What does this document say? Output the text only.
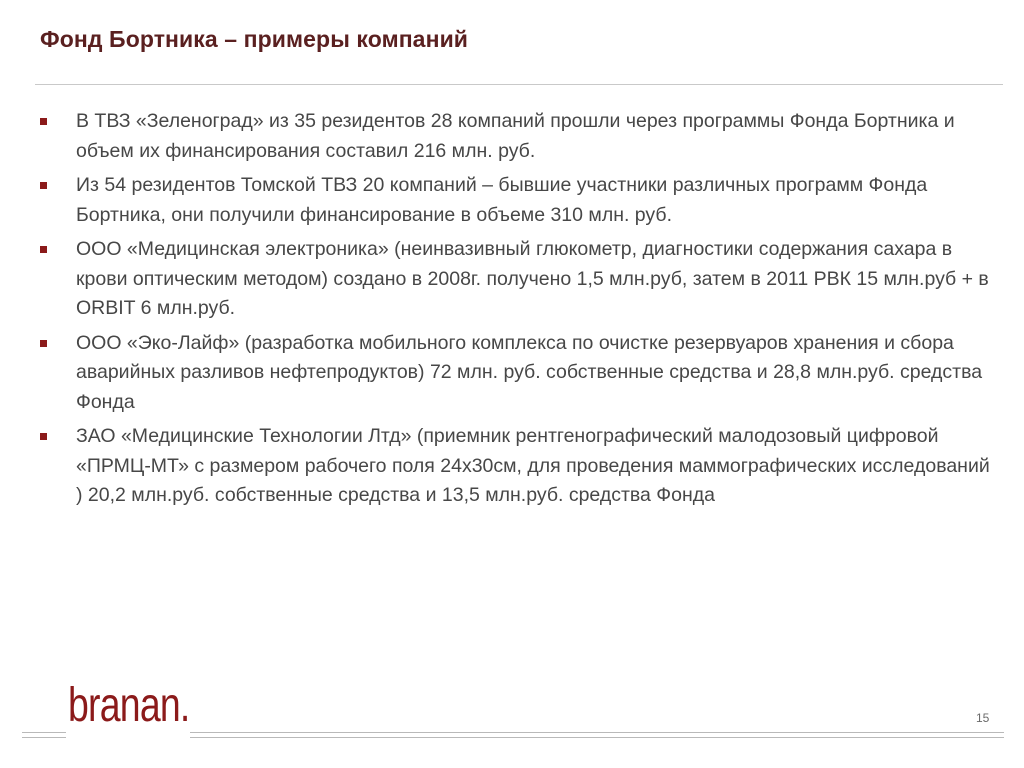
Фонд Бортника – примеры компаний
В ТВЗ «Зеленоград» из 35 резидентов 28 компаний прошли через программы Фонда Бортника и объем их финансирования составил 216 млн. руб.
Из 54 резидентов Томской ТВЗ 20 компаний – бывшие участники различных программ Фонда Бортника, они получили финансирование в объеме 310 млн. руб.
ООО «Медицинская электроника» (неинвазивный глюкометр, диагностики содержания сахара в крови оптическим методом) создано в 2008г. получено 1,5 млн.руб, затем в 2011 РВК 15 млн.руб + в ORBIT 6 млн.руб.
ООО «Эко-Лайф» (разработка мобильного комплекса по очистке резервуаров хранения и сбора аварийных разливов нефтепродуктов) 72 млн. руб. собственные средства и 28,8 млн.руб. средства Фонда
ЗАО «Медицинские Технологии Лтд» (приемник рентгенографический малодозовый цифровой «ПРМЦ-МТ» с размером рабочего поля 24х30см, для проведения маммографических исследований ) 20,2 млн.руб. собственные средства и 13,5 млн.руб. средства Фонда
branan.	15
